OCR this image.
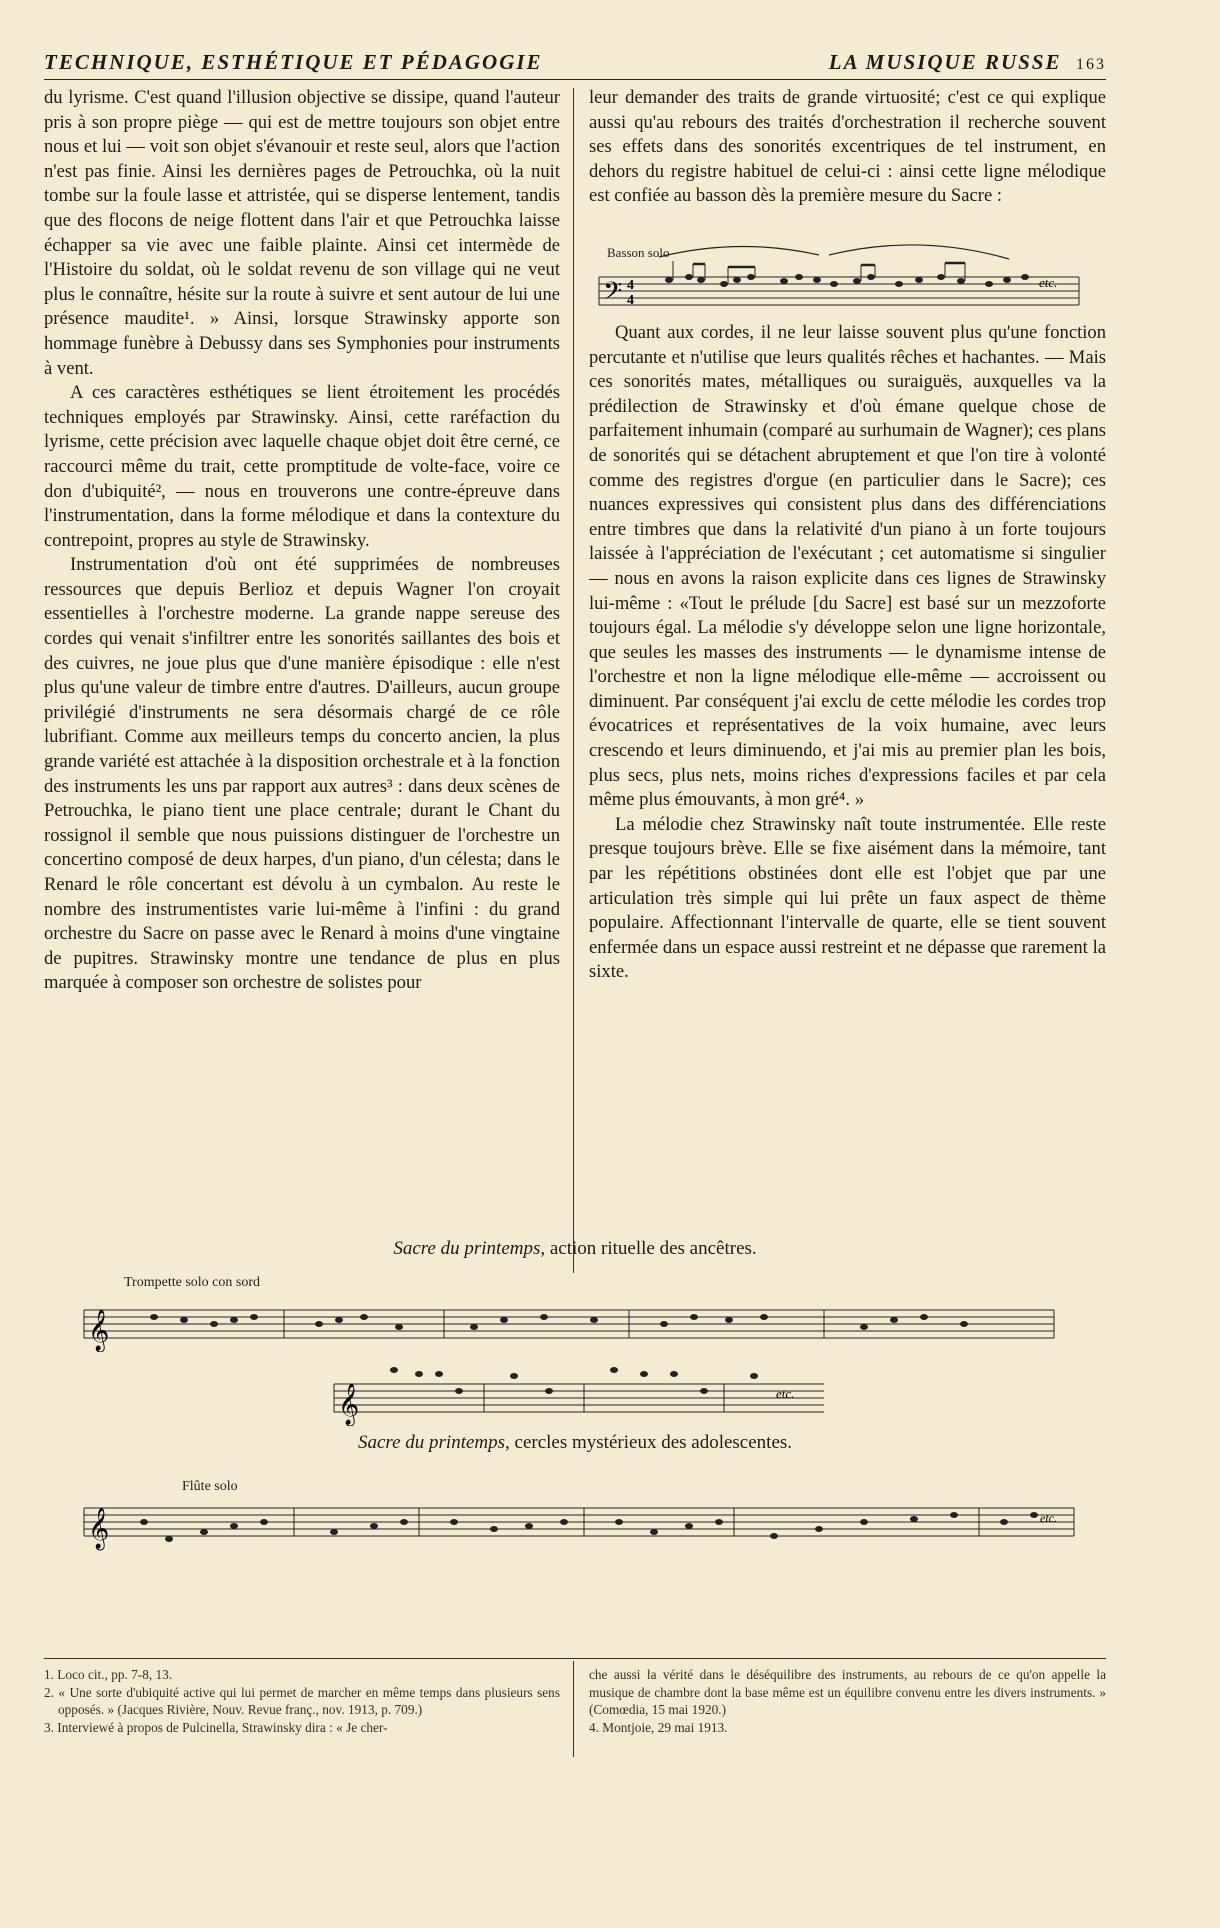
TECHNIQUE, ESTHÉTIQUE ET PÉDAGOGIE	LA MUSIQUE RUSSE 163

du lyrisme. C'est quand l'illusion objective se dissipe, quand l'auteur pris à son propre piège — qui est de mettre toujours son objet entre nous et lui — voit son objet s'évanouir et reste seul, alors que l'action n'est pas finie. Ainsi les dernières pages de Petrouchka, où la nuit tombe sur la foule lasse et attristée, qui se disperse lentement, tandis que des flocons de neige flottent dans l'air et que Petrouchka laisse échapper sa vie avec une faible plainte. Ainsi cet intermède de l'Histoire du soldat, où le soldat revenu de son village qui ne veut plus le connaître, hésite sur la route à suivre et sent autour de lui une présence maudite¹. » Ainsi, lorsque Strawinsky apporte son hommage funèbre à Debussy dans ses Symphonies pour instruments à vent.

A ces caractères esthétiques se lient étroitement les procédés techniques employés par Strawinsky. Ainsi, cette raréfaction du lyrisme, cette précision avec laquelle chaque objet doit être cerné, ce raccourci même du trait, cette promptitude de volte-face, voire ce don d'ubiquité², — nous en trouverons une contre-épreuve dans l'instrumentation, dans la forme mélodique et dans la contexture du contrepoint, propres au style de Strawinsky.

Instrumentation d'où ont été supprimées de nombreuses ressources que depuis Berlioz et depuis Wagner l'on croyait essentielles à l'orchestre moderne. La grande nappe sereuse des cordes qui venait s'infiltrer entre les sonorités saillantes des bois et des cuivres, ne joue plus que d'une manière épisodique : elle n'est plus qu'une valeur de timbre entre d'autres. D'ailleurs, aucun groupe privilégié d'instruments ne sera désormais chargé de ce rôle lubrifiant. Comme aux meilleurs temps du concerto ancien, la plus grande variété est attachée à la disposition orchestrale et à la fonction des instruments les uns par rapport aux autres³ : dans deux scènes de Petrouchka, le piano tient une place centrale; durant le Chant du rossignol il semble que nous puissions distinguer de l'orchestre un concertino composé de deux harpes, d'un piano, d'un célesta; dans le Renard le rôle concertant est dévolu à un cymbalon. Au reste le nombre des instrumentistes varie lui-même à l'infini : du grand orchestre du Sacre on passe avec le Renard à moins d'une vingtaine de pupitres. Strawinsky montre une tendance de plus en plus marquée à composer son orchestre de solistes pour

leur demander des traits de grande virtuosité; c'est ce qui explique aussi qu'au rebours des traités d'orchestration il recherche souvent ses effets dans des sonorités excentriques de tel instrument, en dehors du registre habituel de celui-ci : ainsi cette ligne mélodique est confiée au basson dès la première mesure du Sacre :

Basson solo
𝄢 4
4
etc.

Quant aux cordes, il ne leur laisse souvent plus qu'une fonction percutante et n'utilise que leurs qualités rêches et hachantes. — Mais ces sonorités mates, métalliques ou suraiguës, auxquelles va la prédilection de Strawinsky et d'où émane quelque chose de parfaitement inhumain (comparé au surhumain de Wagner); ces plans de sonorités qui se détachent abruptement et que l'on tire à volonté comme des registres d'orgue (en particulier dans le Sacre); ces nuances expressives qui consistent plus dans des différenciations entre timbres que dans la relativité d'un piano à un forte toujours laissée à l'appréciation de l'exécutant ; cet automatisme si singulier — nous en avons la raison explicite dans ces lignes de Strawinsky lui-même : «Tout le prélude [du Sacre] est basé sur un mezzoforte toujours égal. La mélodie s'y développe selon une ligne horizontale, que seules les masses des instruments — le dynamisme intense de l'orchestre et non la ligne mélodique elle-même — accroissent ou diminuent. Par conséquent j'ai exclu de cette mélodie les cordes trop évocatrices et représentatives de la voix humaine, avec leurs crescendo et leurs diminuendo, et j'ai mis au premier plan les bois, plus secs, plus nets, moins riches d'expressions faciles et par cela même plus émouvants, à mon gré⁴. »

La mélodie chez Strawinsky naît toute instrumentée. Elle reste presque toujours brève. Elle se fixe aisément dans la mémoire, tant par les répétitions obstinées dont elle est l'objet que par une articulation très simple qui lui prête un faux aspect de thème populaire. Affectionnant l'intervalle de quarte, elle se tient souvent enfermée dans un espace aussi restreint et ne dépasse que rarement la sixte.

Sacre du printemps, action rituelle des ancêtres.
Trompette solo con sord
𝄞
𝄞	etc.
Sacre du printemps, cercles mystérieux des adolescentes.
Flûte solo
𝄞	etc.

1. Loco cit., pp. 7-8, 13.

2. « Une sorte d'ubiquité active qui lui permet de marcher en même temps dans plusieurs sens opposés. » (Jacques Rivière, Nouv. Revue franç., nov. 1913, p. 709.)

3. Interviewé à propos de Pulcinella, Strawinsky dira : « Je cher-

che aussi la vérité dans le déséquilibre des instruments, au rebours de ce qu'on appelle la musique de chambre dont la base même est un équilibre convenu entre les divers instruments. » (Comœdia, 15 mai 1920.)

4. Montjoie, 29 mai 1913.
